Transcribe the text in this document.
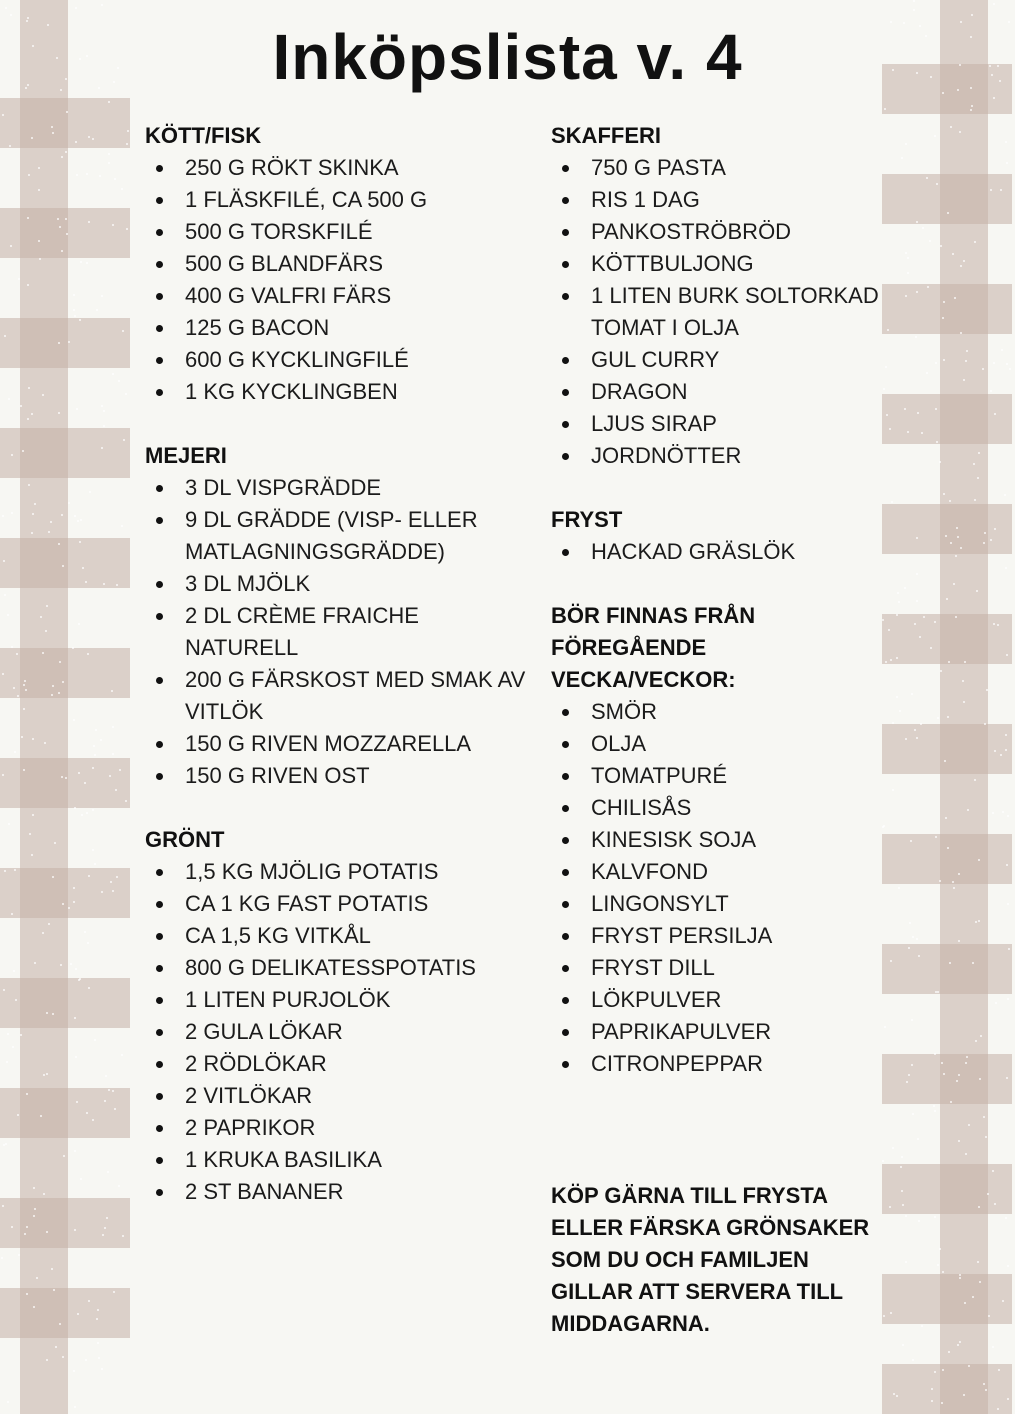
Inköpslista v. 4

KÖTT/FISK

250 G RÖKT SKINKA
1 FLÄSKFILÉ, CA 500 G
500 G TORSKFILÉ
500 G BLANDFÄRS
400 G VALFRI FÄRS
125 G BACON
600 G KYCKLINGFILÉ
1 KG KYCKLINGBEN

MEJERI

3 DL VISPGRÄDDE
9 DL GRÄDDE (VISP- ELLER MATLAGNINGSGRÄDDE)
3 DL MJÖLK
2 DL CRÈME FRAICHE NATURELL
200 G FÄRSKOST MED SMAK AV VITLÖK
150 G RIVEN MOZZARELLA
150 G RIVEN OST

GRÖNT

1,5 KG MJÖLIG POTATIS
CA 1 KG FAST POTATIS
CA 1,5 KG VITKÅL
800 G DELIKATESSPOTATIS
1 LITEN PURJOLÖK
2 GULA LÖKAR
2 RÖDLÖKAR
2 VITLÖKAR
2 PAPRIKOR
1 KRUKA BASILIKA
2 ST BANANER

SKAFFERI

750 G PASTA
RIS 1 DAG
PANKOSTRÖBRÖD
KÖTTBULJONG
1 LITEN BURK SOLTORKAD TOMAT I OLJA
GUL CURRY
DRAGON
LJUS SIRAP
JORDNÖTTER

FRYST

HACKAD GRÄSLÖK

BÖR FINNAS FRÅN FÖREGÅENDE VECKA/VECKOR:

SMÖR
OLJA
TOMATPURÉ
CHILISÅS
KINESISK SOJA
KALVFOND
LINGONSYLT
FRYST PERSILJA
FRYST DILL
LÖKPULVER
PAPRIKAPULVER
CITRONPEPPAR

KÖP GÄRNA TILL FRYSTA ELLER FÄRSKA GRÖNSAKER SOM DU OCH FAMILJEN GILLAR ATT SERVERA TILL MIDDAGARNA.
